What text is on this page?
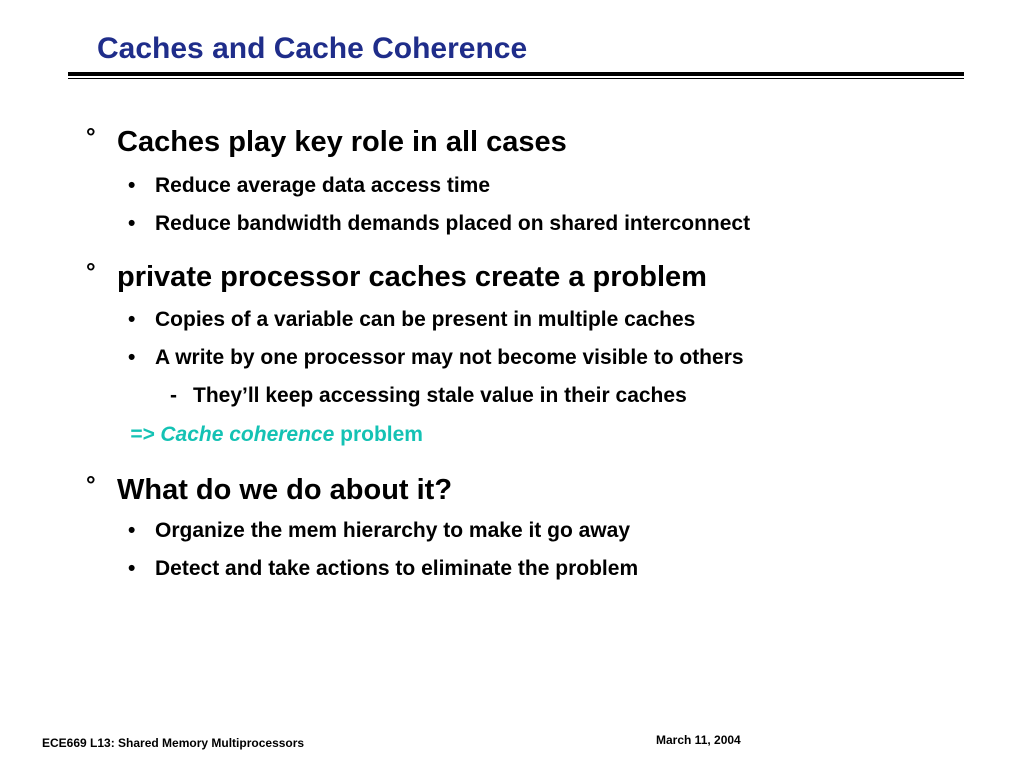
Caches and Cache Coherence
° Caches play key role in all cases
• Reduce average data access time
• Reduce bandwidth demands placed on shared interconnect
° private processor caches create a problem
• Copies of a variable can be present in multiple caches
• A write by one processor may not become visible to others
- They’ll keep accessing stale value in their caches
=> Cache coherence problem
° What do we do about it?
• Organize the mem hierarchy to make it go away
• Detect and take actions to eliminate the problem
ECE669 L13: Shared Memory Multiprocessors	March 11, 2004
